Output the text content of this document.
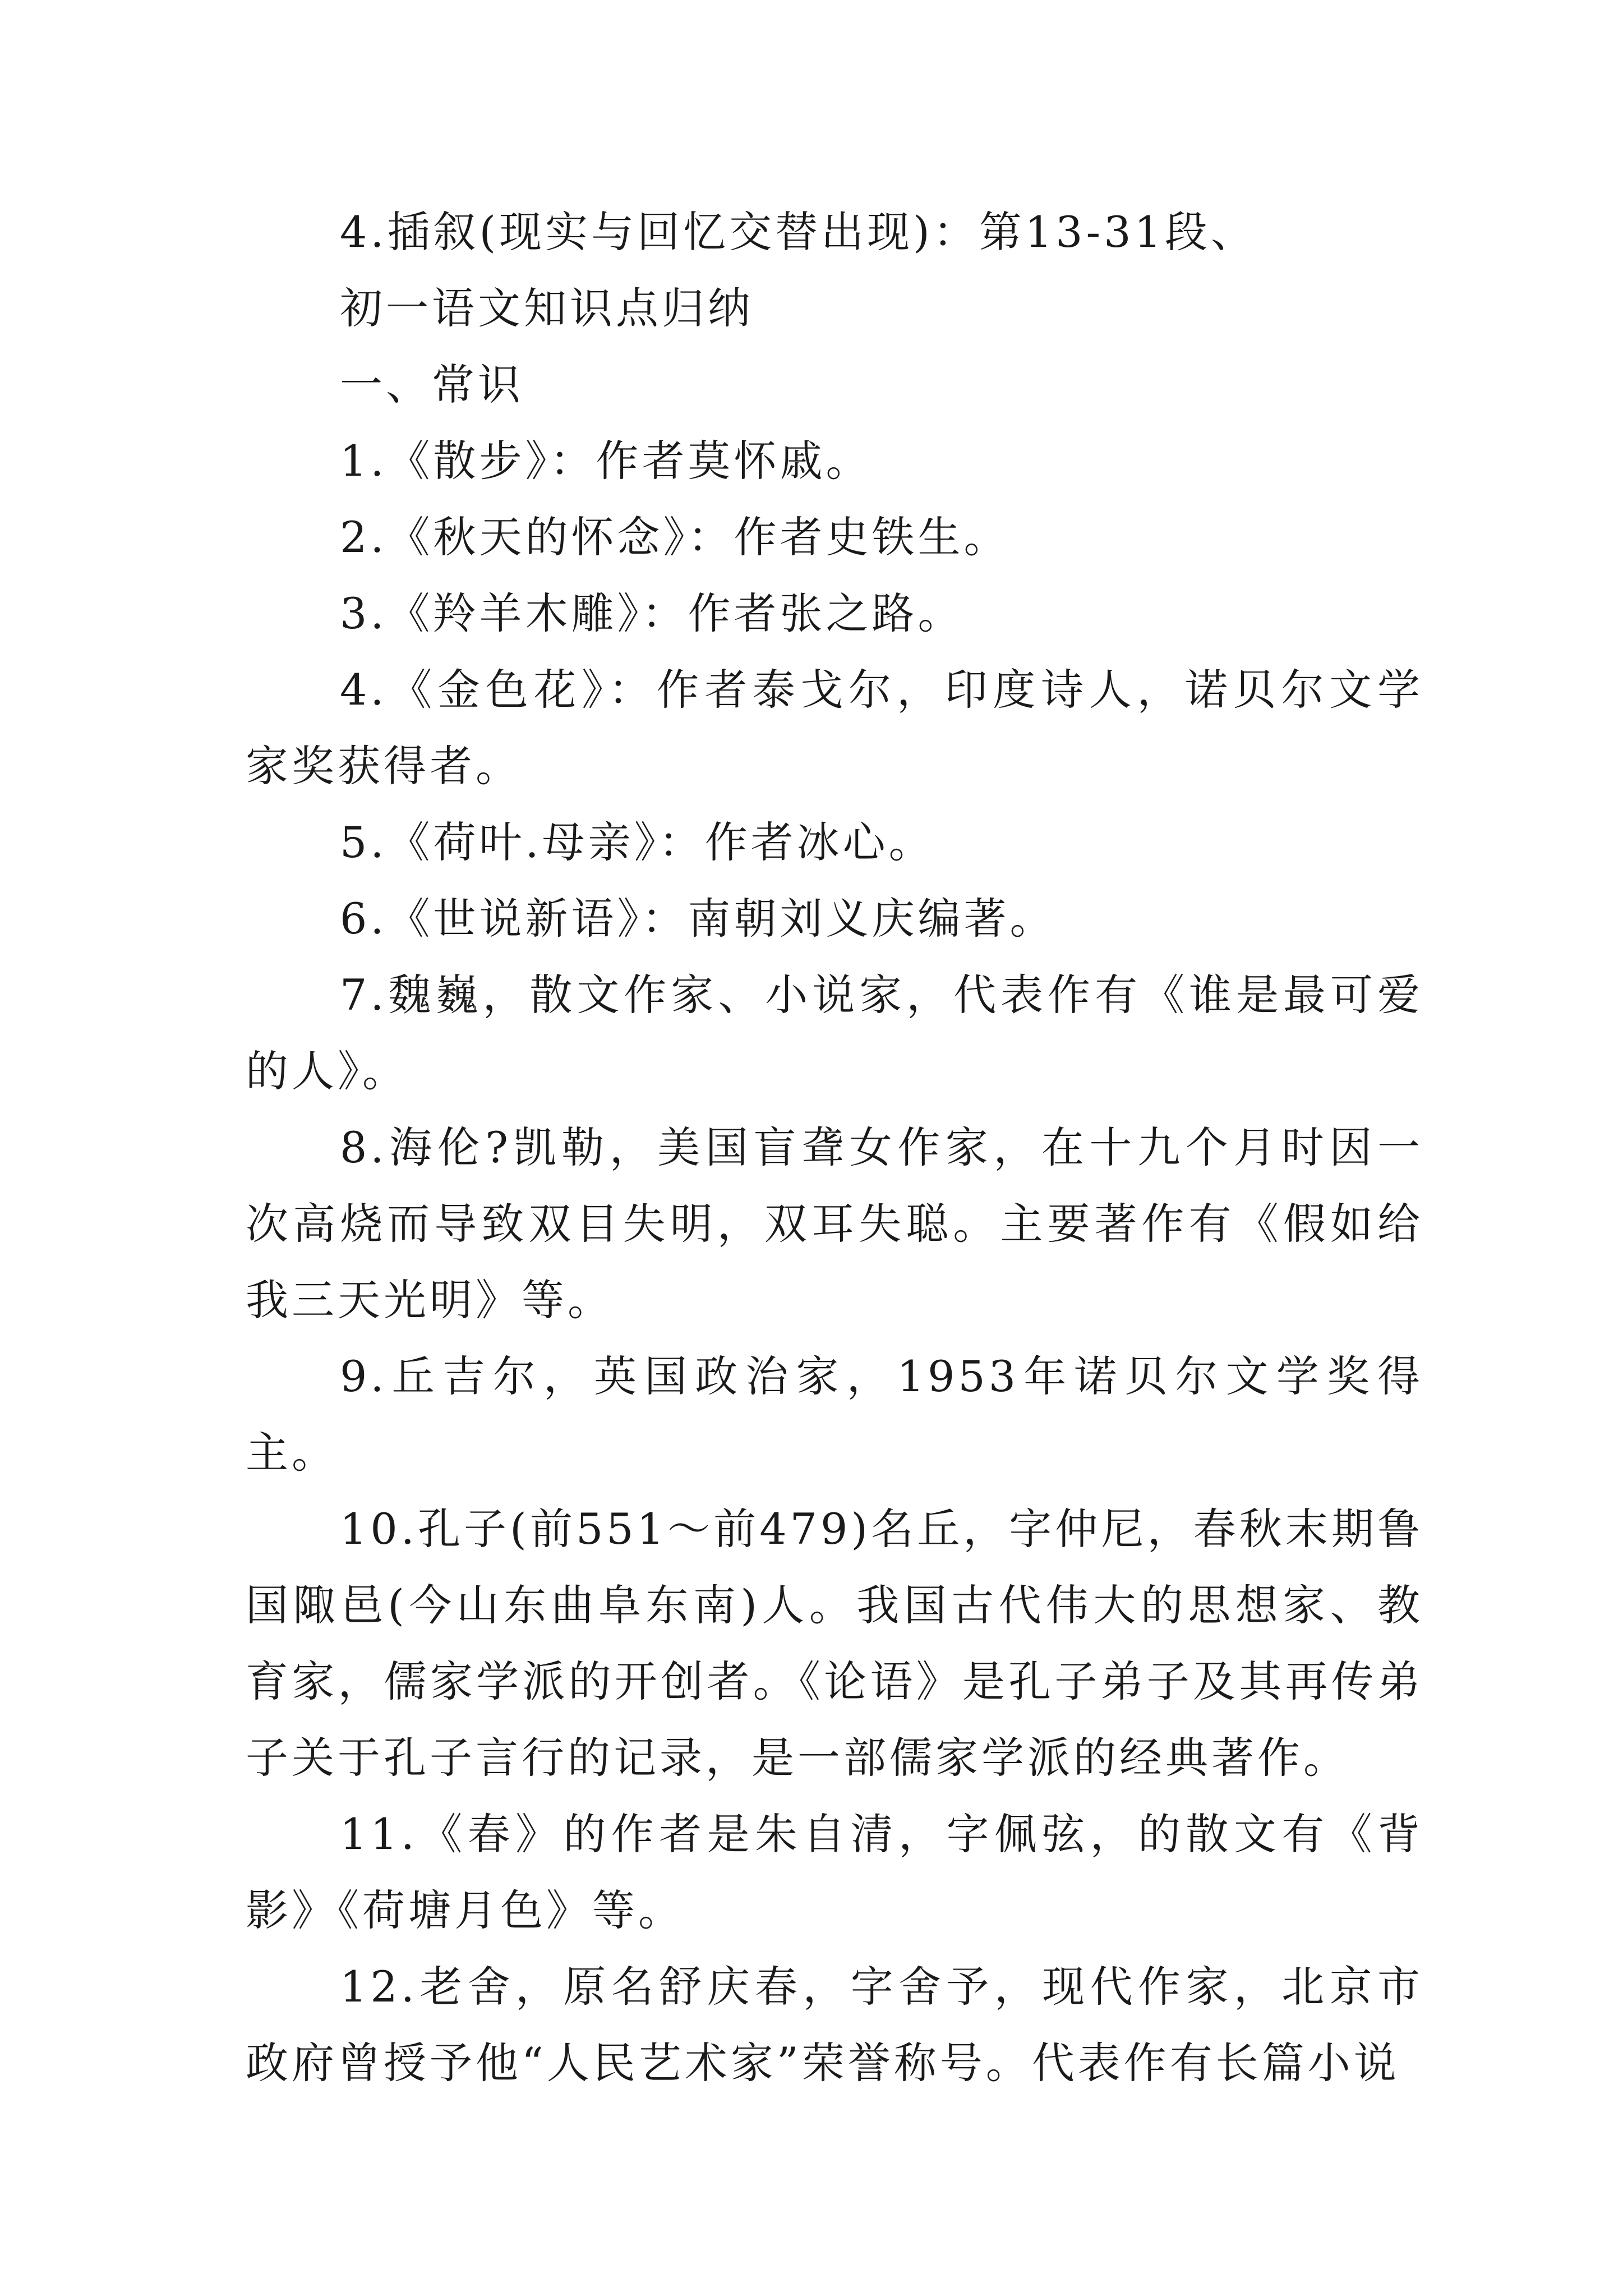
4.插叙(现实与回忆交替出现)：第13-31段、

初一语文知识点归纳

一、常识

1.《散步》：作者莫怀戚。

2.《秋天的怀念》：作者史铁生。

3.《羚羊木雕》：作者张之路。

4.《金色花》：作者泰戈尔，印度诗人，诺贝尔文学家奖获得者。

5.《荷叶.母亲》：作者冰心。

6.《世说新语》：南朝刘义庆编著。

7.魏巍，散文作家、小说家，代表作有《谁是最可爱的人》。

8.海伦?凯勒，美国盲聋女作家，在十九个月时因一次高烧而导致双目失明，双耳失聪。主要著作有《假如给我三天光明》等。

9.丘吉尔，英国政治家，1953年诺贝尔文学奖得主。

10.孔子(前551～前479)名丘，字仲尼，春秋末期鲁国陬邑(今山东曲阜东南)人。我国古代伟大的思想家、教育家，儒家学派的开创者。《论语》是孔子弟子及其再传弟子关于孔子言行的记录，是一部儒家学派的经典著作。

11.《春》的作者是朱自清，字佩弦，的散文有《背影》《荷塘月色》等。

12.老舍，原名舒庆春，字舍予，现代作家，北京市政府曾授予他“人民艺术家”荣誉称号。代表作有长篇小说
